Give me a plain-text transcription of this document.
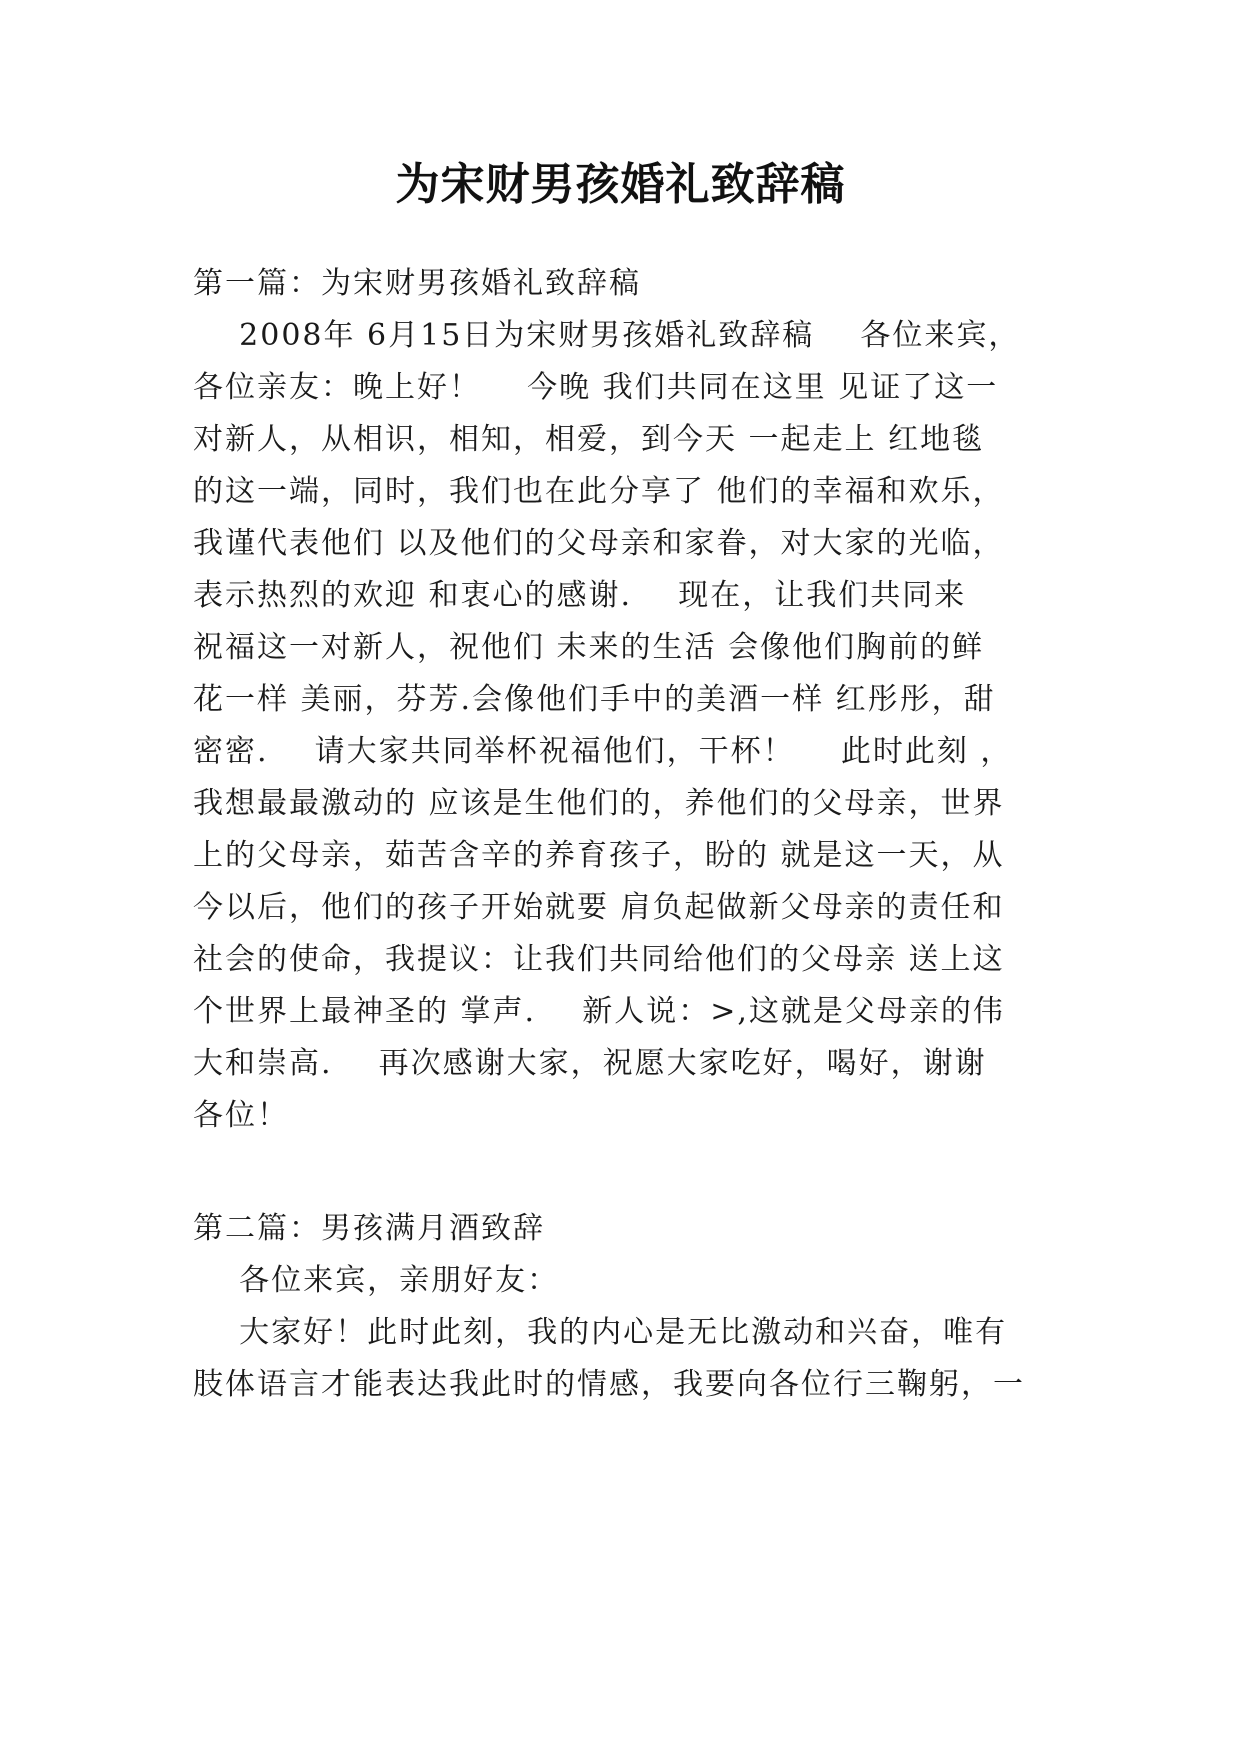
为宋财男孩婚礼致辞稿
第一篇：为宋财男孩婚礼致辞稿
2008年 6月15日为宋财男孩婚礼致辞稿    各位来宾，
各位亲友：晚上好！    今晚 我们共同在这里 见证了这一
对新人，从相识，相知，相爱，到今天 一起走上 红地毯
的这一端，同时，我们也在此分享了 他们的幸福和欢乐，
我谨代表他们 以及他们的父母亲和家眷，对大家的光临，
表示热烈的欢迎 和衷心的感谢.    现在，让我们共同来
祝福这一对新人，祝他们 未来的生活 会像他们胸前的鲜
花一样 美丽，芬芳.会像他们手中的美酒一样 红彤彤，甜
密密.    请大家共同举杯祝福他们，干杯！    此时此刻 ，
我想最最激动的 应该是生他们的，养他们的父母亲，世界
上的父母亲，茹苦含辛的养育孩子，盼的 就是这一天，从
今以后，他们的孩子开始就要 肩负起做新父母亲的责任和
社会的使命，我提议：让我们共同给他们的父母亲 送上这
个世界上最神圣的 掌声.    新人说：>,这就是父母亲的伟
大和崇高.    再次感谢大家，祝愿大家吃好，喝好，谢谢
各位！
第二篇：男孩满月酒致辞
各位来宾，亲朋好友：
大家好！此时此刻，我的内心是无比激动和兴奋，唯有
肢体语言才能表达我此时的情感，我要向各位行三鞠躬，一
